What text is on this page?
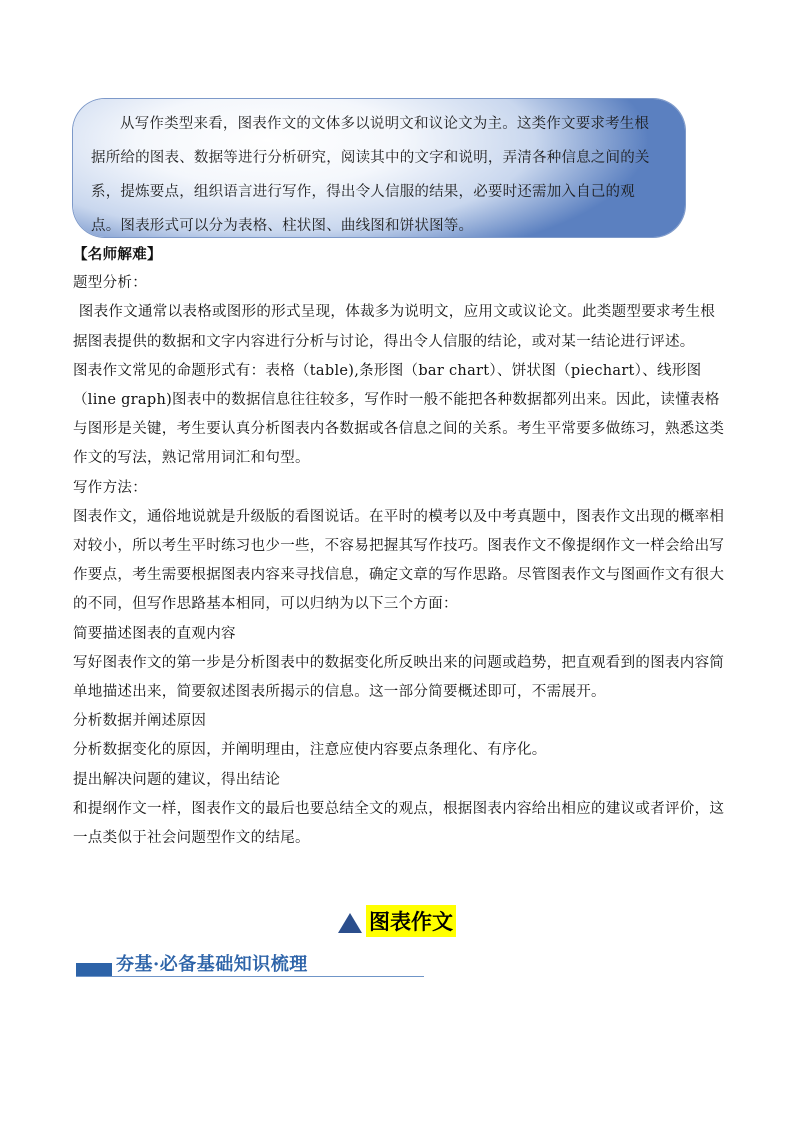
从写作类型来看，图表作文的文体多以说明文和议论文为主。这类作文要求考生根据所给的图表、数据等进行分析研究，阅读其中的文字和说明，弄清各种信息之间的关系，提炼要点，组织语言进行写作，得出令人信服的结果，必要时还需加入自己的观点。图表形式可以分为表格、柱状图、曲线图和饼状图等。

【名师解难】

题型分析：

图表作文通常以表格或图形的形式呈现，体裁多为说明文，应用文或议论文。此类题型要求考生根据图表提供的数据和文字内容进行分析与讨论，得出令人信服的结论，或对某一结论进行评述。

图表作文常见的命题形式有：表格（table),条形图（bar chart）、饼状图（piechart）、线形图（line graph)图表中的数据信息往往较多，写作时一般不能把各种数据都列出来。因此，读懂表格与图形是关键，考生要认真分析图表内各数据或各信息之间的关系。考生平常要多做练习，熟悉这类作文的写法，熟记常用词汇和句型。

写作方法：

图表作文，通俗地说就是升级版的看图说话。在平时的模考以及中考真题中，图表作文出现的概率相对较小，所以考生平时练习也少一些，不容易把握其写作技巧。图表作文不像提纲作文一样会给出写作要点，考生需要根据图表内容来寻找信息，确定文章的写作思路。尽管图表作文与图画作文有很大的不同，但写作思路基本相同，可以归纳为以下三个方面：

简要描述图表的直观内容

写好图表作文的第一步是分析图表中的数据变化所反映出来的问题或趋势，把直观看到的图表内容简单地描述出来，简要叙述图表所揭示的信息。这一部分简要概述即可，不需展开。

分析数据并阐述原因

分析数据变化的原因，并阐明理由，注意应使内容要点条理化、有序化。

提出解决问题的建议，得出结论

和提纲作文一样，图表作文的最后也要总结全文的观点，根据图表内容给出相应的建议或者评价，这一点类似于社会问题型作文的结尾。

图表作文
夯基·必备基础知识梳理
